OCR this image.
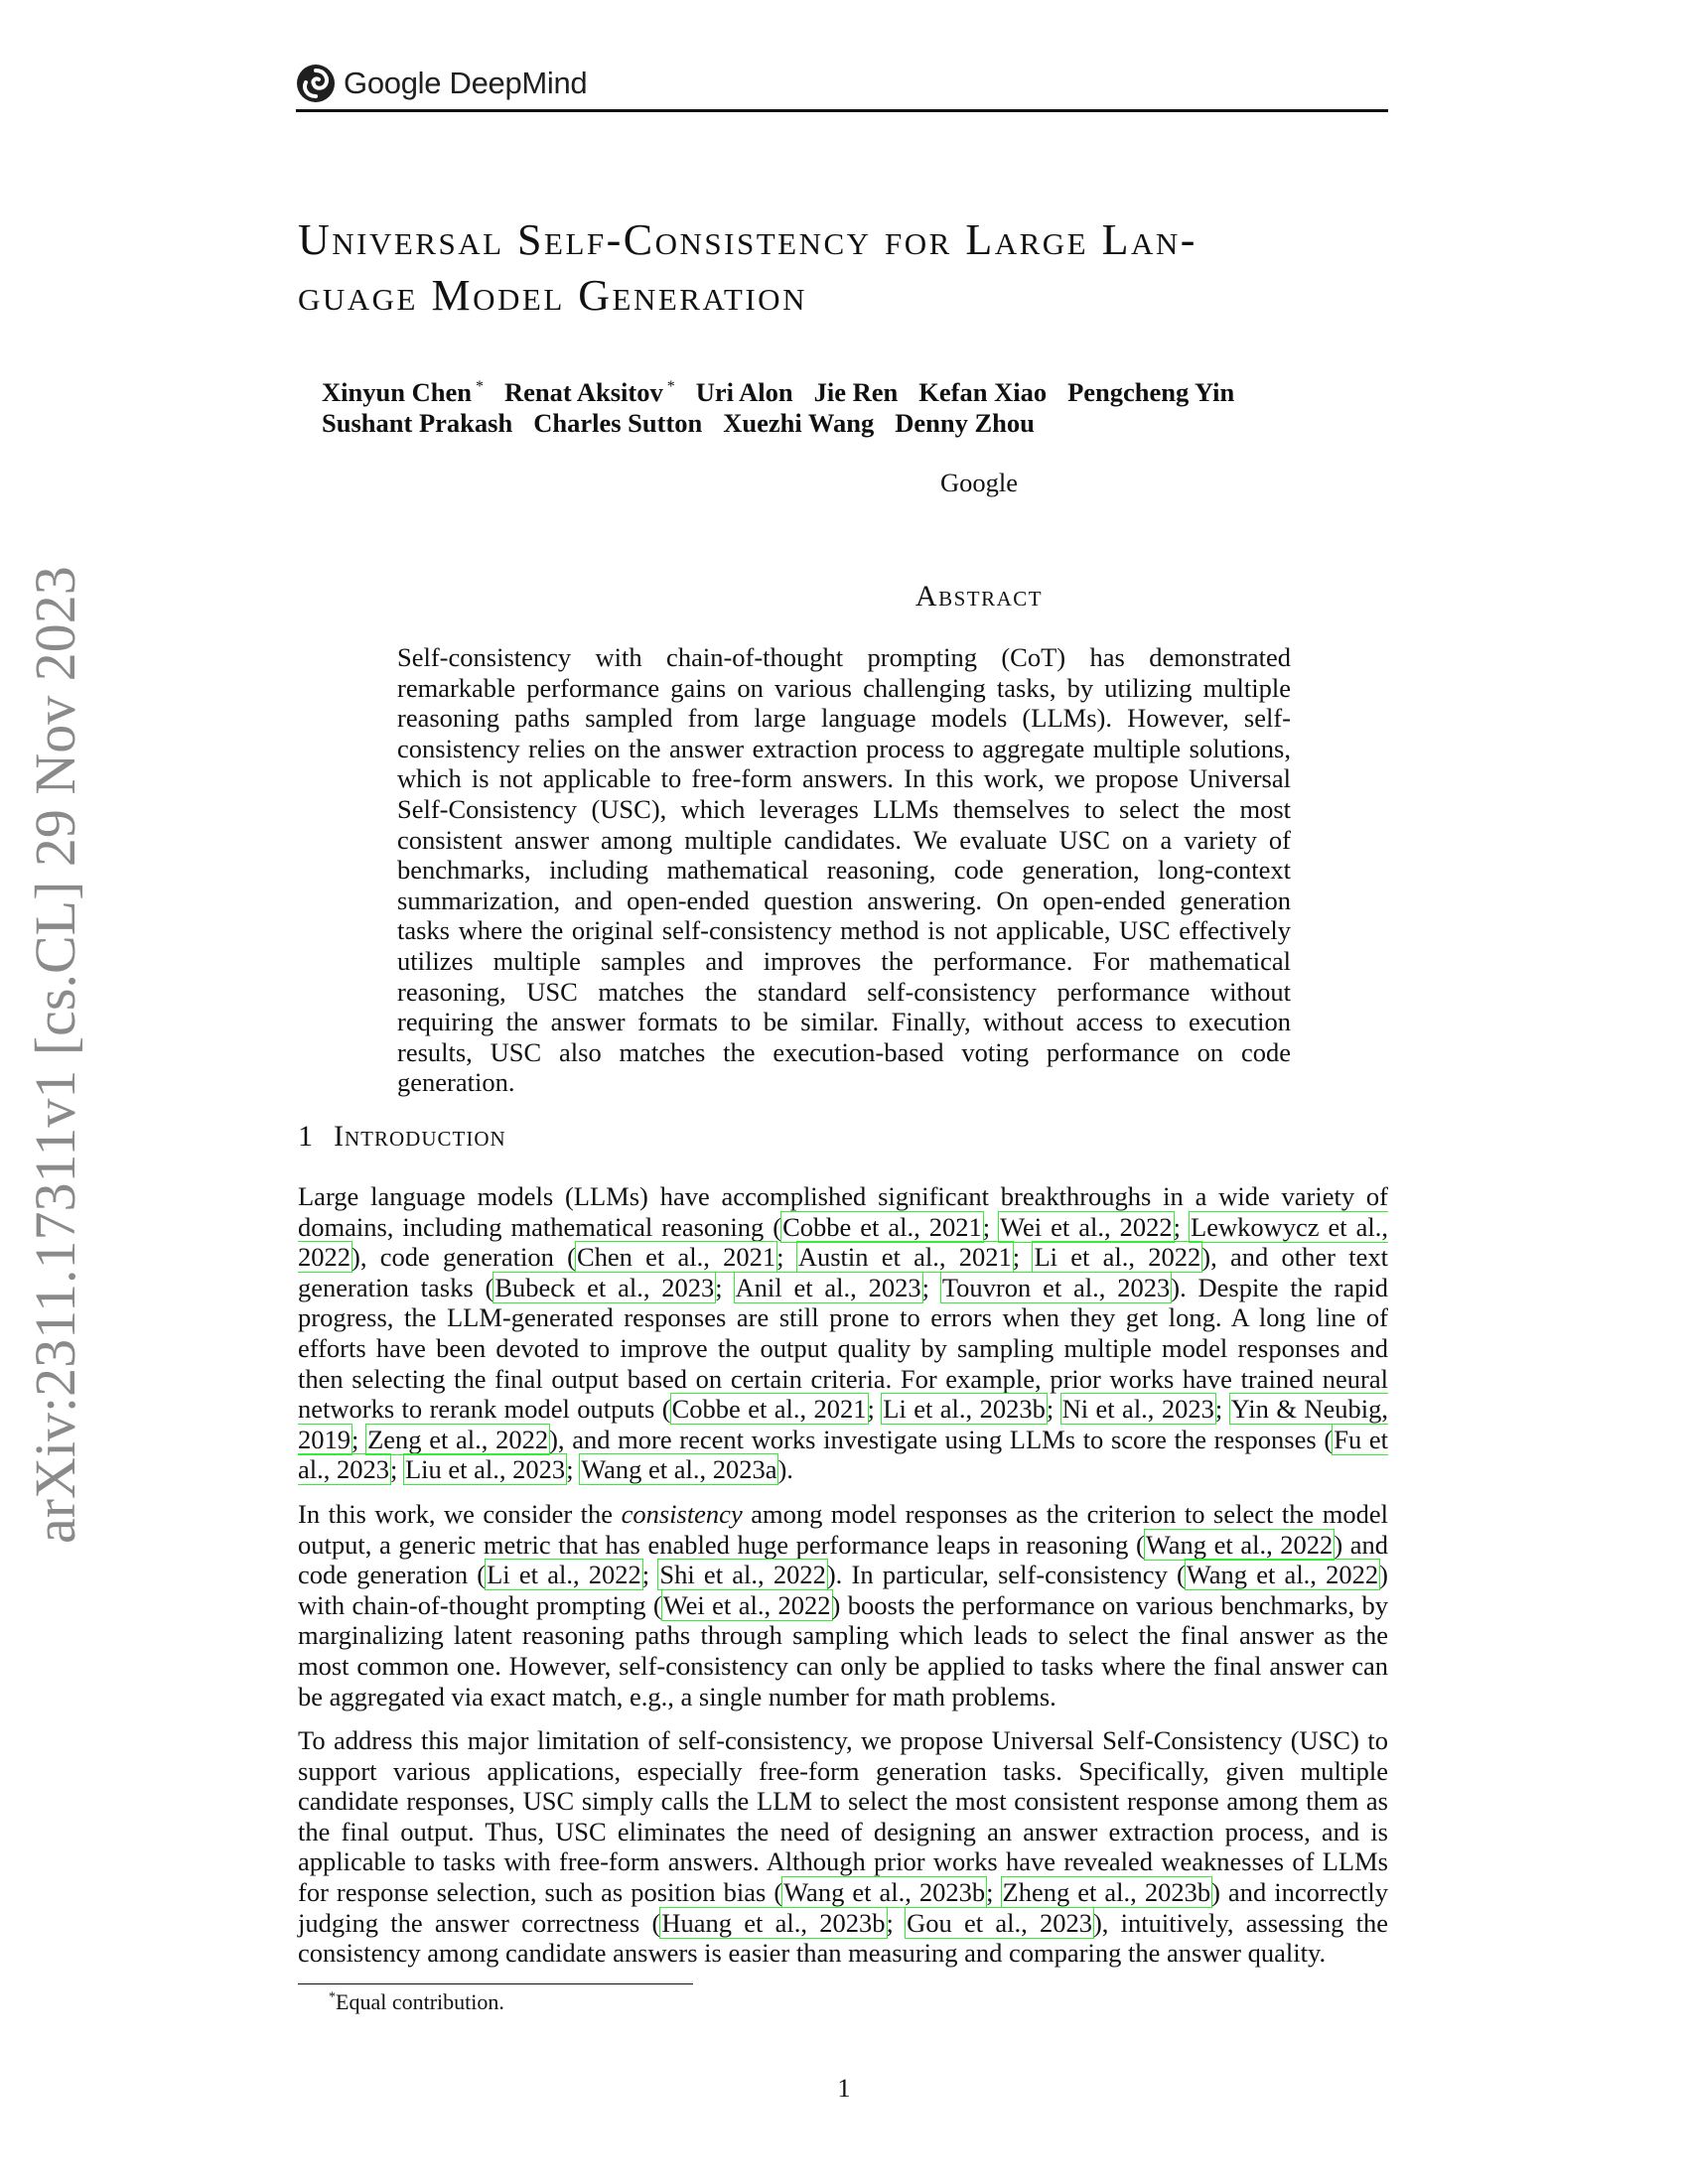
Google DeepMind
arXiv:2311.17311v1 [cs.CL] 29 Nov 2023
Universal Self-Consistency for Large Lan-
guage Model Generation
Xinyun Chen * Renat Aksitov * Uri Alon Jie Ren Kefan Xiao Pengcheng Yin
Sushant Prakash Charles Sutton Xuezhi Wang Denny Zhou
Google
Abstract
Self-consistency with chain-of-thought prompting (CoT) has demonstrated remarkable performance gains on various challenging tasks, by utilizing multiple reasoning paths sampled from large language models (LLMs). However, self-consistency relies on the answer extraction process to aggregate multiple solutions, which is not applicable to free-form answers. In this work, we propose Universal Self-Consistency (USC), which leverages LLMs themselves to select the most consistent answer among multiple candidates. We evaluate USC on a variety of benchmarks, including mathematical reasoning, code generation, long-context summarization, and open-ended question answering. On open-ended generation tasks where the original self-consistency method is not applicable, USC effectively utilizes multiple samples and improves the performance. For mathematical reasoning, USC matches the standard self-consistency performance without requiring the answer formats to be similar. Finally, without access to execution results, USC also matches the execution-based voting performance on code generation.
1 Introduction

Large language models (LLMs) have accomplished significant breakthroughs in a wide variety of domains, including mathematical reasoning (Cobbe et al., 2021; Wei et al., 2022; Lewkowycz et al., 2022), code generation (Chen et al., 2021; Austin et al., 2021; Li et al., 2022), and other text generation tasks (Bubeck et al., 2023; Anil et al., 2023; Touvron et al., 2023). Despite the rapid progress, the LLM-generated responses are still prone to errors when they get long. A long line of efforts have been devoted to improve the output quality by sampling multiple model responses and then selecting the final output based on certain criteria. For example, prior works have trained neural networks to rerank model outputs (Cobbe et al., 2021; Li et al., 2023b; Ni et al., 2023; Yin & Neubig, 2019; Zeng et al., 2022), and more recent works investigate using LLMs to score the responses (Fu et al., 2023; Liu et al., 2023; Wang et al., 2023a).

In this work, we consider the consistency among model responses as the criterion to select the model output, a generic metric that has enabled huge performance leaps in reasoning (Wang et al., 2022) and code generation (Li et al., 2022; Shi et al., 2022). In particular, self-consistency (Wang et al., 2022) with chain-of-thought prompting (Wei et al., 2022) boosts the performance on various benchmarks, by marginalizing latent reasoning paths through sampling which leads to select the final answer as the most common one. However, self-consistency can only be applied to tasks where the final answer can be aggregated via exact match, e.g., a single number for math problems.

To address this major limitation of self-consistency, we propose Universal Self-Consistency (USC) to support various applications, especially free-form generation tasks. Specifically, given multiple candidate responses, USC simply calls the LLM to select the most consistent response among them as the final output. Thus, USC eliminates the need of designing an answer extraction process, and is applicable to tasks with free-form answers. Although prior works have revealed weaknesses of LLMs for response selection, such as position bias (Wang et al., 2023b; Zheng et al., 2023b) and incorrectly judging the answer correctness (Huang et al., 2023b; Gou et al., 2023), intuitively, assessing the consistency among candidate answers is easier than measuring and comparing the answer quality.

*Equal contribution.
1
